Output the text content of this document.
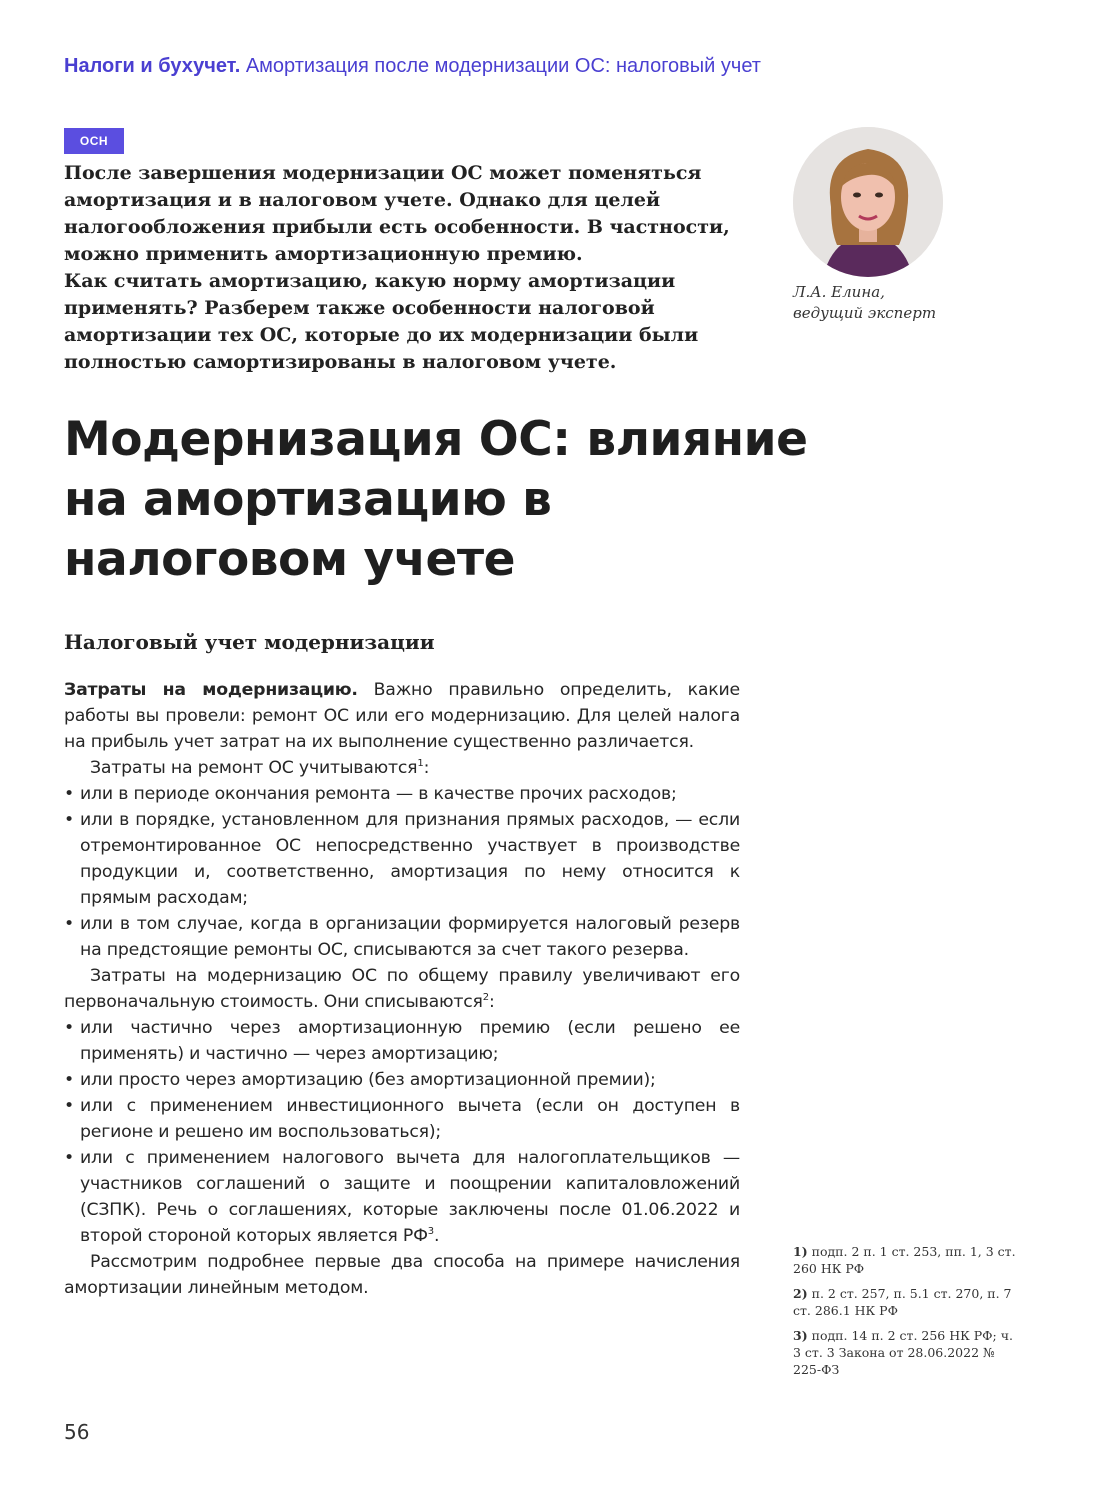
Налоги и бухучет. Амортизация после модернизации ОС: налоговый учет
ОСН

После завершения модернизации ОС может поменяться амортизация и в налоговом учете. Однако для целей налогообложения прибыли есть особенности. В частности, можно применить амортизационную премию.

Как считать амортизацию, какую норму амортизации применять? Разберем также особенности налоговой амортизации тех ОС, которые до их модернизации были полностью самортизированы в налоговом учете.

Л.А. Елина,
ведущий эксперт
Модернизация ОС: влияние на амортизацию в налоговом учете
Налоговый учет модернизации

Затраты на модернизацию. Важно правильно определить, какие работы вы провели: ремонт ОС или его модернизацию. Для целей налога на прибыль учет затрат на их выполнение существенно различается.

Затраты на ремонт ОС учитываются$^1$:

• или в периоде окончания ремонта — в качестве прочих расходов;
• или в порядке, установленном для признания прямых расходов, — если отремонтированное ОС непосредственно участвует в производстве продукции и, соответственно, амортизация по нему относится к прямым расходам;
• или в том случае, когда в организации формируется налоговый резерв на предстоящие ремонты ОС, списываются за счет такого резерва.

Затраты на модернизацию ОС по общему правилу увеличивают его первоначальную стоимость. Они списываются$^2$:

• или частично через амортизационную премию (если решено ее применять) и частично — через амортизацию;
• или просто через амортизацию (без амортизационной премии);
• или с применением инвестиционного вычета (если он доступен в регионе и решено им воспользоваться);
• или с применением налогового вычета для налогоплательщиков — участников соглашений о защите и поощрении капиталовложений (СЗПК). Речь о соглашениях, которые заключены после 01.06.2022 и второй стороной которых является $РФ^3$.

Рассмотрим подробнее первые два способа на примере начисления амортизации линейным методом.

1) подп. 2 п. 1 ст. 253, пп. 1, 3 ст. 260 НК РФ
2) п. 2 ст. 257, п. 5.1 ст. 270, п. 7 ст. 286.1 НК РФ
3) подп. 14 п. 2 ст. 256 НК РФ; ч. 3 ст. 3 Закона от 28.06.2022 № 225-ФЗ
56
